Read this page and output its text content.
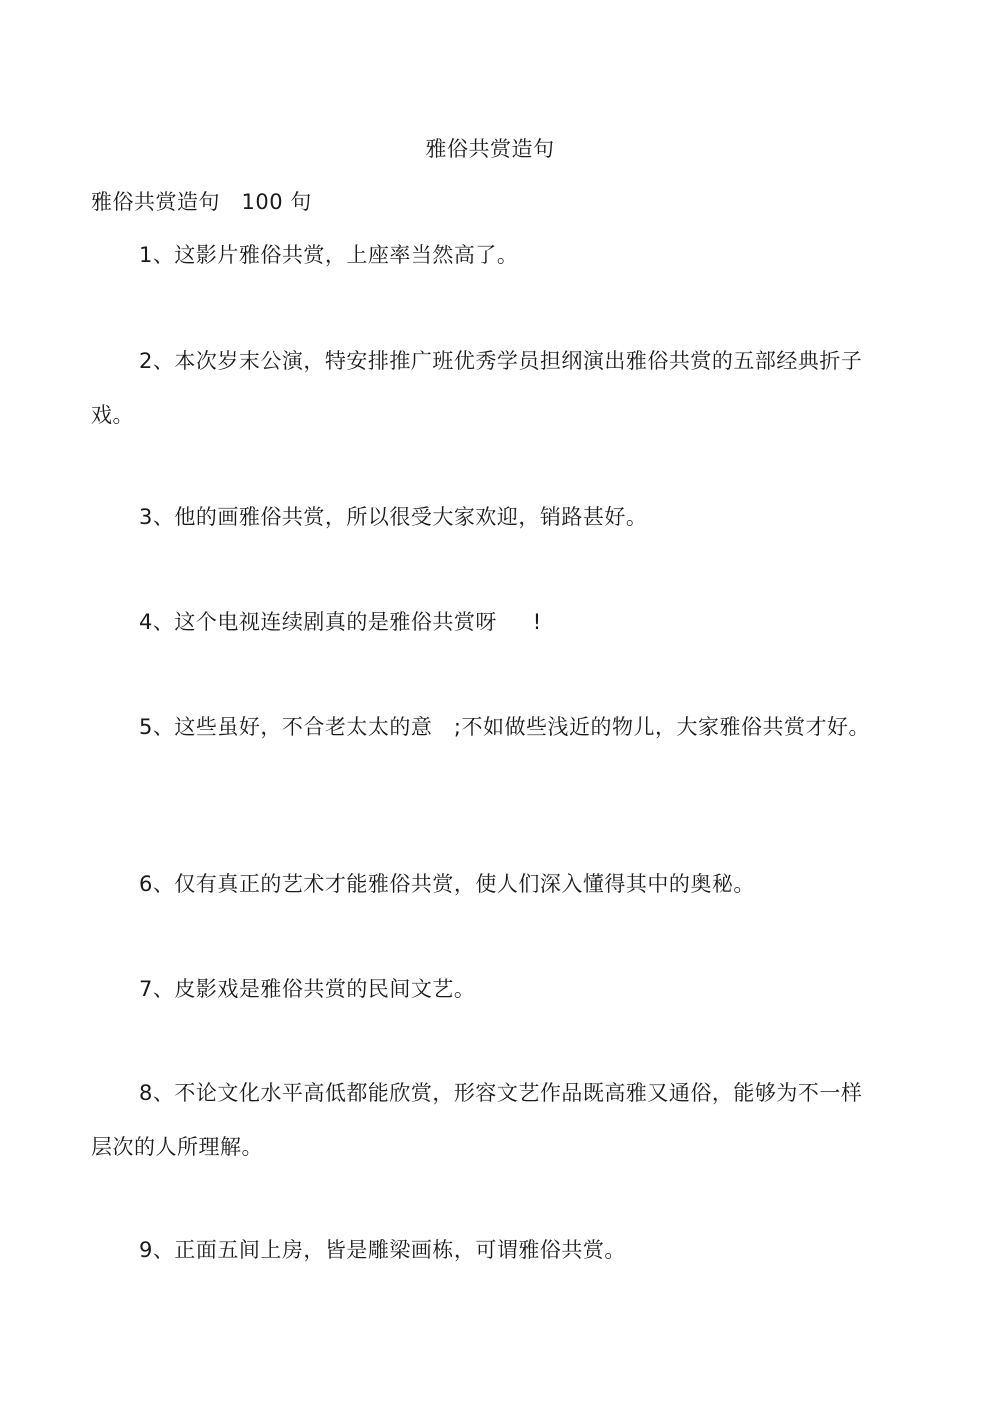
雅俗共赏造句
雅俗共赏造句   100 句

1、这影片雅俗共赏，上座率当然高了。

2、本次岁末公演，特安排推广班优秀学员担纲演出雅俗共赏的五部经典折子戏。

3、他的画雅俗共赏，所以很受大家欢迎，销路甚好。

4、这个电视连续剧真的是雅俗共赏呀     !

5、这些虽好，不合老太太的意   ;不如做些浅近的物儿，大家雅俗共赏才好。

6、仅有真正的艺术才能雅俗共赏，使人们深入懂得其中的奥秘。

7、皮影戏是雅俗共赏的民间文艺。

8、不论文化水平高低都能欣赏，形容文艺作品既高雅又通俗，能够为不一样层次的人所理解。

9、正面五间上房，皆是雕梁画栋，可谓雅俗共赏。
